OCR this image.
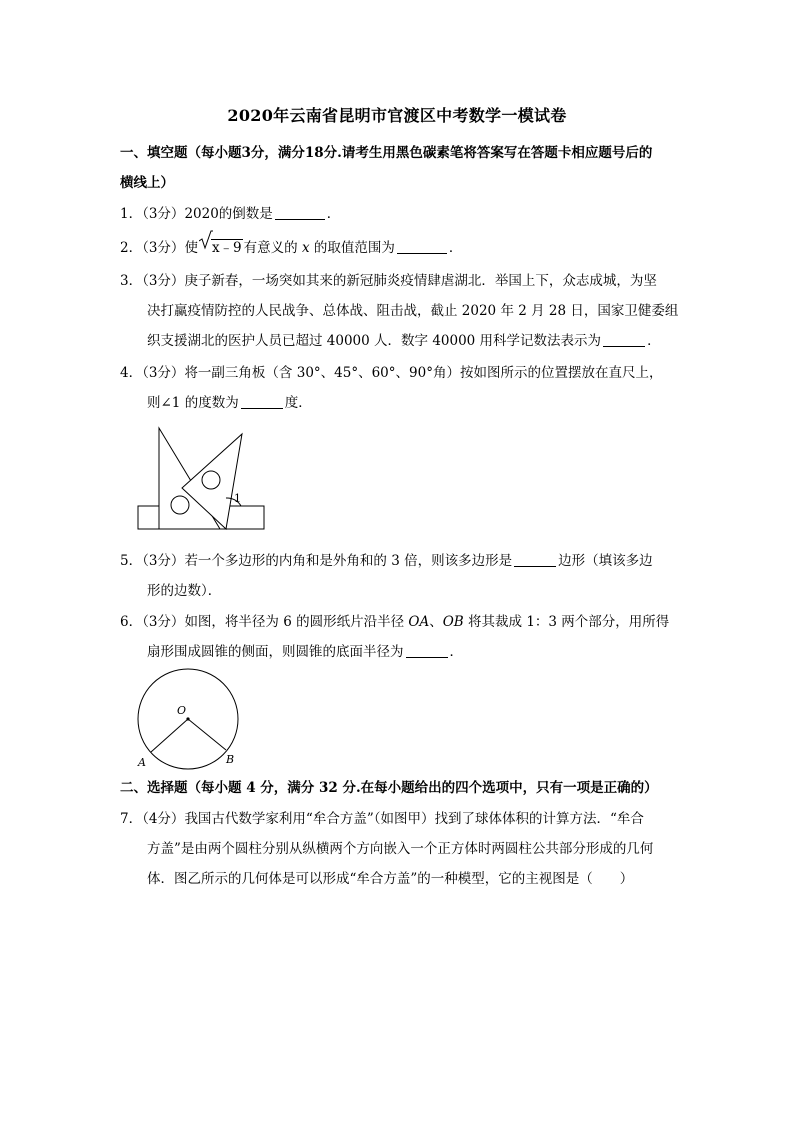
2020年云南省昆明市官渡区中考数学一模试卷
一、填空题（每小题3分，满分18分.请考生用黑色碳素笔将答案写在答题卡相应题号后的
横线上）
1．（3分）2020的倒数是	．
2．（3分）使 x﹣9 有意义的 x 的取值范围为	．
3．（3分）庚子新春，一场突如其来的新冠肺炎疫情肆虐湖北．举国上下，众志成城，为坚
决打赢疫情防控的人民战争、总体战、阻击战，截止 2020 年 2 月 28 日，国家卫健委组
织支援湖北的医护人员已超过 40000 人．数字 40000 用科学记数法表示为	．
4．（3分）将一副三角板（含 30°、45°、60°、90°角）按如图所示的位置摆放在直尺上，
则∠1 的度数为	度．
1
5．（3分）若一个多边形的内角和是外角和的 3 倍，则该多边形是	边形（填该多边
形的边数）．
6．（3分）如图，将半径为 6 的圆形纸片沿半径 OA、OB 将其裁成 1：3 两个部分，用所得
扇形围成圆锥的侧面，则圆锥的底面半径为	．
O
A	B
二、选择题（每小题 4 分，满分 32 分.在每小题给出的四个选项中，只有一项是正确的）
7．（4分）我国古代数学家利用“牟合方盖”（如图甲）找到了球体体积的计算方法．“牟合
方盖”是由两个圆柱分别从纵横两个方向嵌入一个正方体时两圆柱公共部分形成的几何
体．图乙所示的几何体是可以形成“牟合方盖”的一种模型，它的主视图是（　　）
